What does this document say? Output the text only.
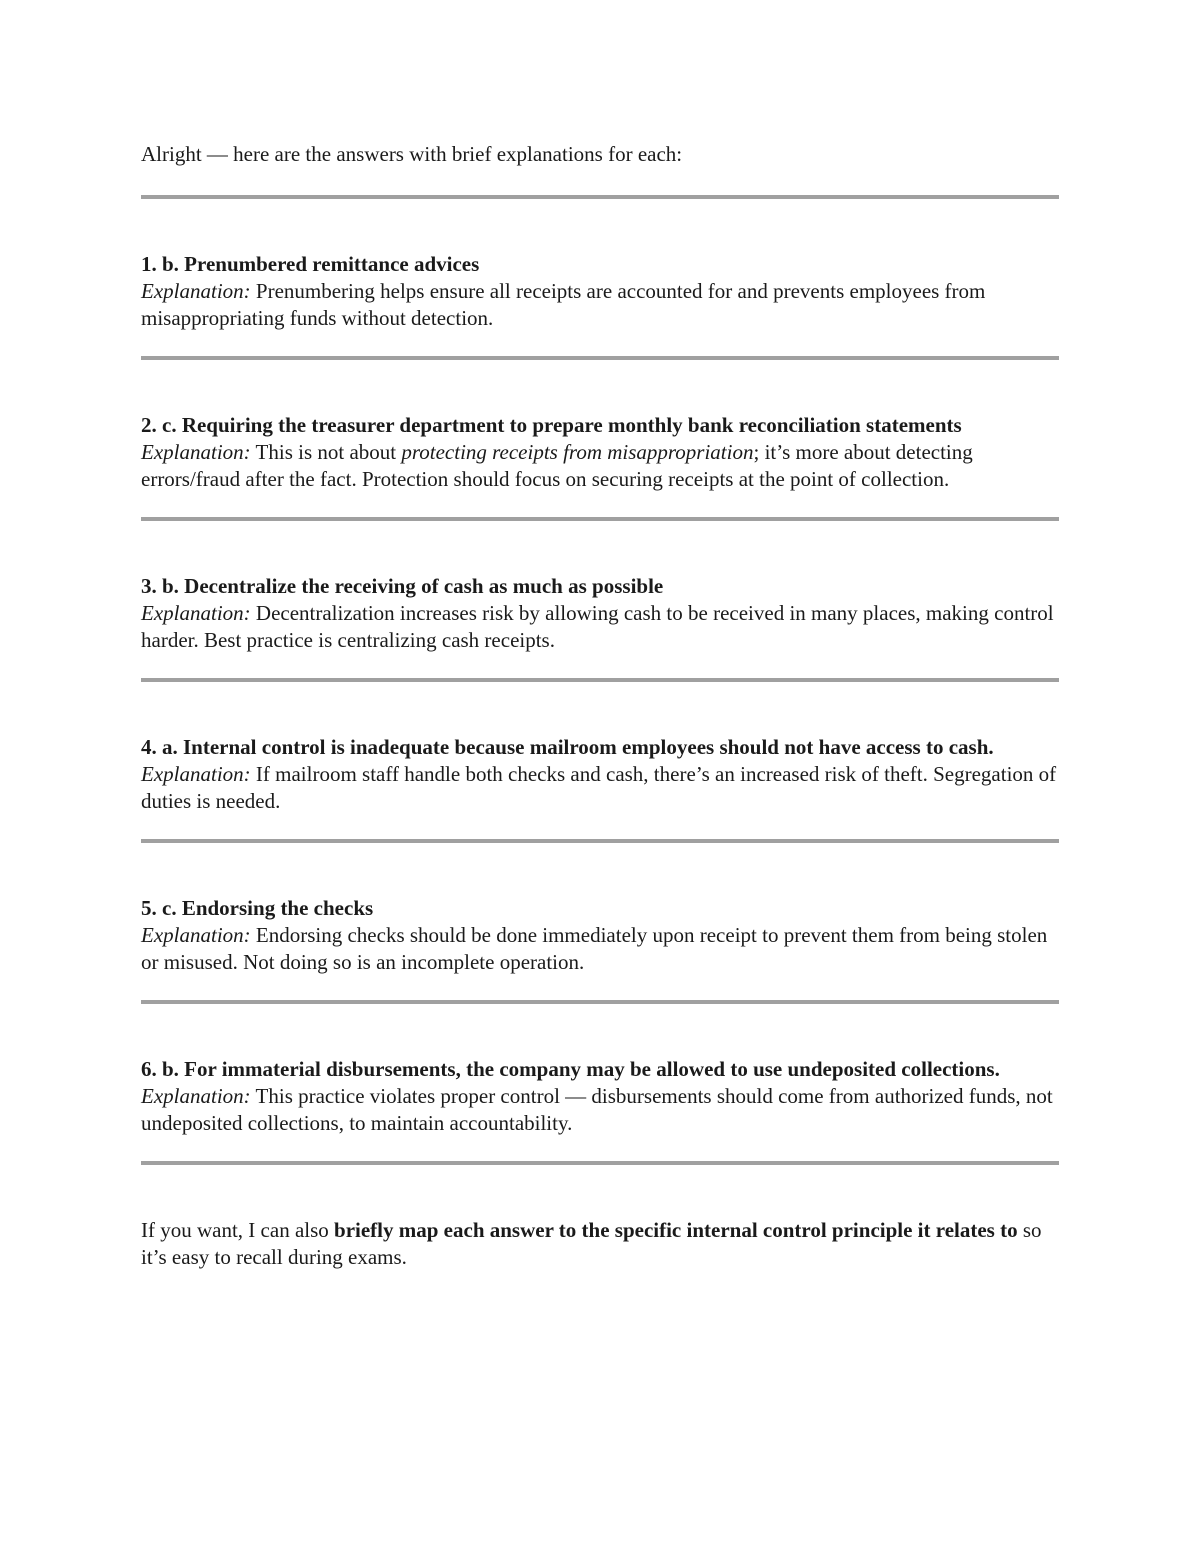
Alright — here are the answers with brief explanations for each:

1. b. Prenumbered remittance advices

Explanation: Prenumbering helps ensure all receipts are accounted for and prevents employees from misappropriating funds without detection.

2. c. Requiring the treasurer department to prepare monthly bank reconciliation statements

Explanation: This is not about protecting receipts from misappropriation; it’s more about detecting errors/fraud after the fact. Protection should focus on securing receipts at the point of collection.

3. b. Decentralize the receiving of cash as much as possible

Explanation: Decentralization increases risk by allowing cash to be received in many places, making control harder. Best practice is centralizing cash receipts.

4. a. Internal control is inadequate because mailroom employees should not have access to cash.

Explanation: If mailroom staff handle both checks and cash, there’s an increased risk of theft. Segregation of duties is needed.

5. c. Endorsing the checks

Explanation: Endorsing checks should be done immediately upon receipt to prevent them from being stolen or misused. Not doing so is an incomplete operation.

6. b. For immaterial disbursements, the company may be allowed to use undeposited collections.

Explanation: This practice violates proper control — disbursements should come from authorized funds, not undeposited collections, to maintain accountability.

If you want, I can also briefly map each answer to the specific internal control principle it relates to so it’s easy to recall during exams.
